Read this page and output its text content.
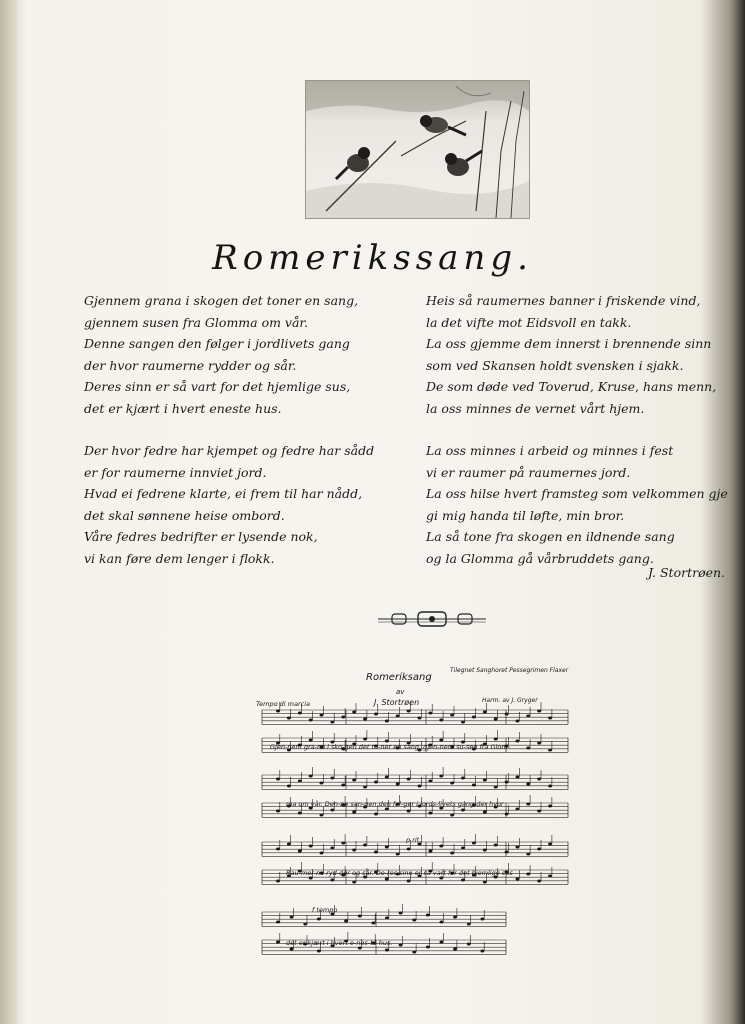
Romerikssang.
Gjennem grana i skogen det toner en sang,
gjennem susen fra Glomma om vår.
Denne sangen den følger i jordlivets gang
der hvor raumerne rydder og sår.
Deres sinn er så vart for det hjemlige sus,
det er kjært i hvert eneste hus.
Der hvor fedre har kjempet og fedre har sådd
er for raumerne innviet jord.
Hvad ei fedrene klarte, ei frem til har nådd,
det skal sønnene heise ombord.
Våre fedres bedrifter er lysende nok,
vi kan føre dem lenger i flokk.
Heis så raumernes banner i friskende vind,
la det vifte mot Eidsvoll en takk.
La oss gjemme dem innerst i brennende sinn
som ved Skansen holdt svensken i sjakk.
De som døde ved Toverud, Kruse, hans menn,
la oss minnes de vernet vårt hjem.
La oss minnes i arbeid og minnes i fest
vi er raumer på raumernes jord.
La oss hilse hvert framsteg som velkommen gje
gi mig handa til løfte, min bror.
La så tone fra skogen en ildnende sang
og la Glomma gå vårbruddets gang.
J. Stortrøen.
Romeriksang
av
J. Stortrøen
Tilegnet Sanghoret Pessegrimen Flaxer
Harm. av J. Gryger
Tempo di marcia
Gjen-nem gra-na i sko-gen det to-ner en sang, gjen-nem su-sen fra Glom-
ma om vår. Den-ne san-gen den føl-ger i jords-livets gang der hvor
Rau-mer-ne ryd-der og sår. De-res sinn er så vart for det hjemlige sus
det er kjært i hvert e-nes-te hus.
p rit.
f tempo
